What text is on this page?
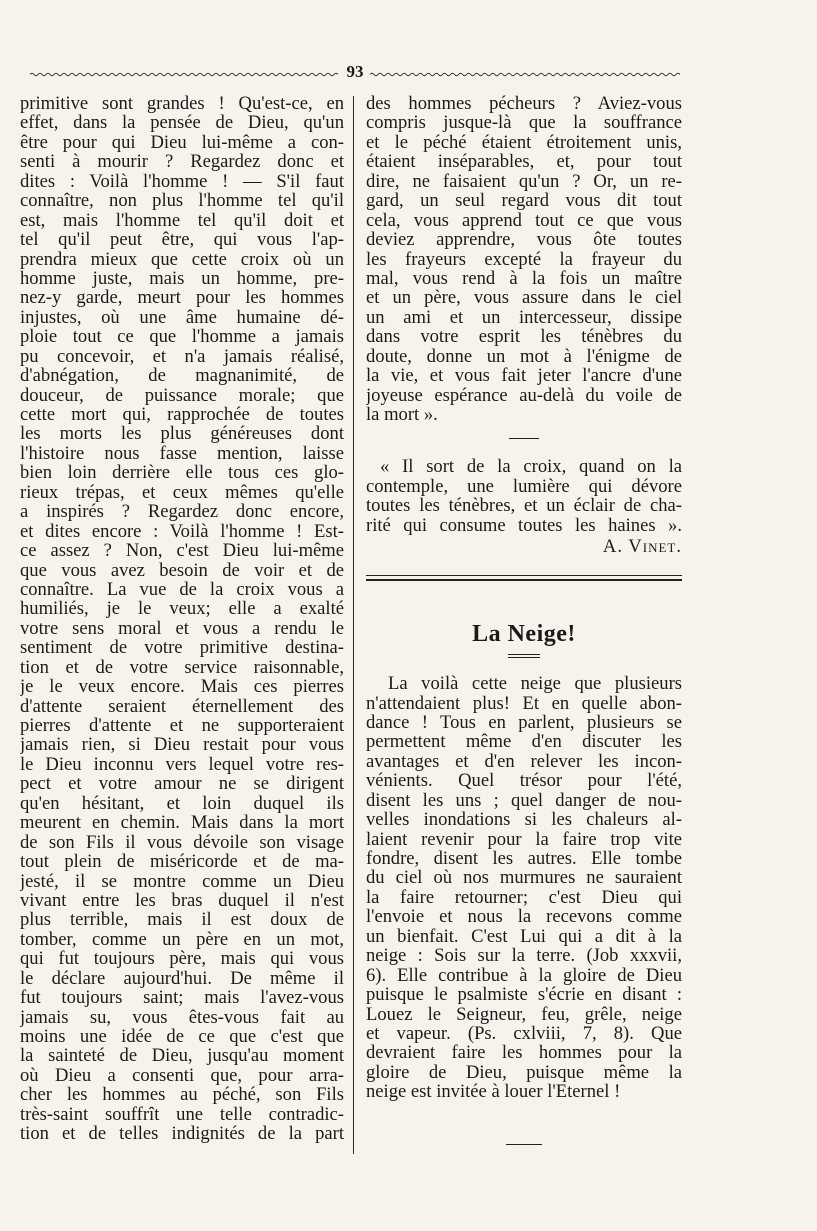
93

primitive sont grandes ! Qu'est-ce, en
effet, dans la pensée de Dieu, qu'un
être pour qui Dieu lui-même a con-
senti à mourir ? Regardez donc et
dites : Voilà l'homme ! — S'il faut
connaître, non plus l'homme tel qu'il
est, mais l'homme tel qu'il doit et
tel qu'il peut être, qui vous l'ap-
prendra mieux que cette croix où un
homme juste, mais un homme, pre-
nez-y garde, meurt pour les hommes
injustes, où une âme humaine dé-
ploie tout ce que l'homme a jamais
pu concevoir, et n'a jamais réalisé,
d'abnégation, de magnanimité, de
douceur, de puissance morale; que
cette mort qui, rapprochée de toutes
les morts les plus généreuses dont
l'histoire nous fasse mention, laisse
bien loin derrière elle tous ces glo-
rieux trépas, et ceux mêmes qu'elle
a inspirés ? Regardez donc encore,
et dites encore : Voilà l'homme ! Est-
ce assez ? Non, c'est Dieu lui-même
que vous avez besoin de voir et de
connaître. La vue de la croix vous a
humiliés, je le veux; elle a exalté
votre sens moral et vous a rendu le
sentiment de votre primitive destina-
tion et de votre service raisonnable,
je le veux encore. Mais ces pierres
d'attente seraient éternellement des
pierres d'attente et ne supporteraient
jamais rien, si Dieu restait pour vous
le Dieu inconnu vers lequel votre res-
pect et votre amour ne se dirigent
qu'en hésitant, et loin duquel ils
meurent en chemin. Mais dans la mort
de son Fils il vous dévoile son visage
tout plein de miséricorde et de ma-
jesté, il se montre comme un Dieu
vivant entre les bras duquel il n'est
plus terrible, mais il est doux de
tomber, comme un père en un mot,
qui fut toujours père, mais qui vous
le déclare aujourd'hui. De même il
fut toujours saint; mais l'avez-vous
jamais su, vous êtes-vous fait au
moins une idée de ce que c'est que
la sainteté de Dieu, jusqu'au moment
où Dieu a consenti que, pour arra-
cher les hommes au péché, son Fils
très-saint souffrît une telle contradic-
tion et de telles indignités de la part

des hommes pécheurs ? Aviez-vous
compris jusque-là que la souffrance
et le péché étaient étroitement unis,
étaient inséparables, et, pour tout
dire, ne faisaient qu'un ? Or, un re-
gard, un seul regard vous dit tout
cela, vous apprend tout ce que vous
deviez apprendre, vous ôte toutes
les frayeurs excepté la frayeur du
mal, vous rend à la fois un maître
et un père, vous assure dans le ciel
un ami et un intercesseur, dissipe
dans votre esprit les ténèbres du
doute, donne un mot à l'énigme de
la vie, et vous fait jeter l'ancre d'une
joyeuse espérance au-delà du voile de
la mort ».

« Il sort de la croix, quand on la
contemple, une lumière qui dévore
toutes les ténèbres, et un éclair de cha-
rité qui consume toutes les haines ».

A. Vinet.
La Neige!

La voilà cette neige que plusieurs
n'attendaient plus! Et en quelle abon-
dance ! Tous en parlent, plusieurs se
permettent même d'en discuter les
avantages et d'en relever les incon-
vénients. Quel trésor pour l'été,
disent les uns ; quel danger de nou-
velles inondations si les chaleurs al-
laient revenir pour la faire trop vite
fondre, disent les autres. Elle tombe
du ciel où nos murmures ne sauraient
la faire retourner; c'est Dieu qui
l'envoie et nous la recevons comme
un bienfait. C'est Lui qui a dit à la
neige : Sois sur la terre. (Job xxxvii,
6). Elle contribue à la gloire de Dieu
puisque le psalmiste s'écrie en disant :
Louez le Seigneur, feu, grêle, neige
et vapeur. (Ps. cxlviii, 7, 8). Que
devraient faire les hommes pour la
gloire de Dieu, puisque même la
neige est invitée à louer l'Eternel !
